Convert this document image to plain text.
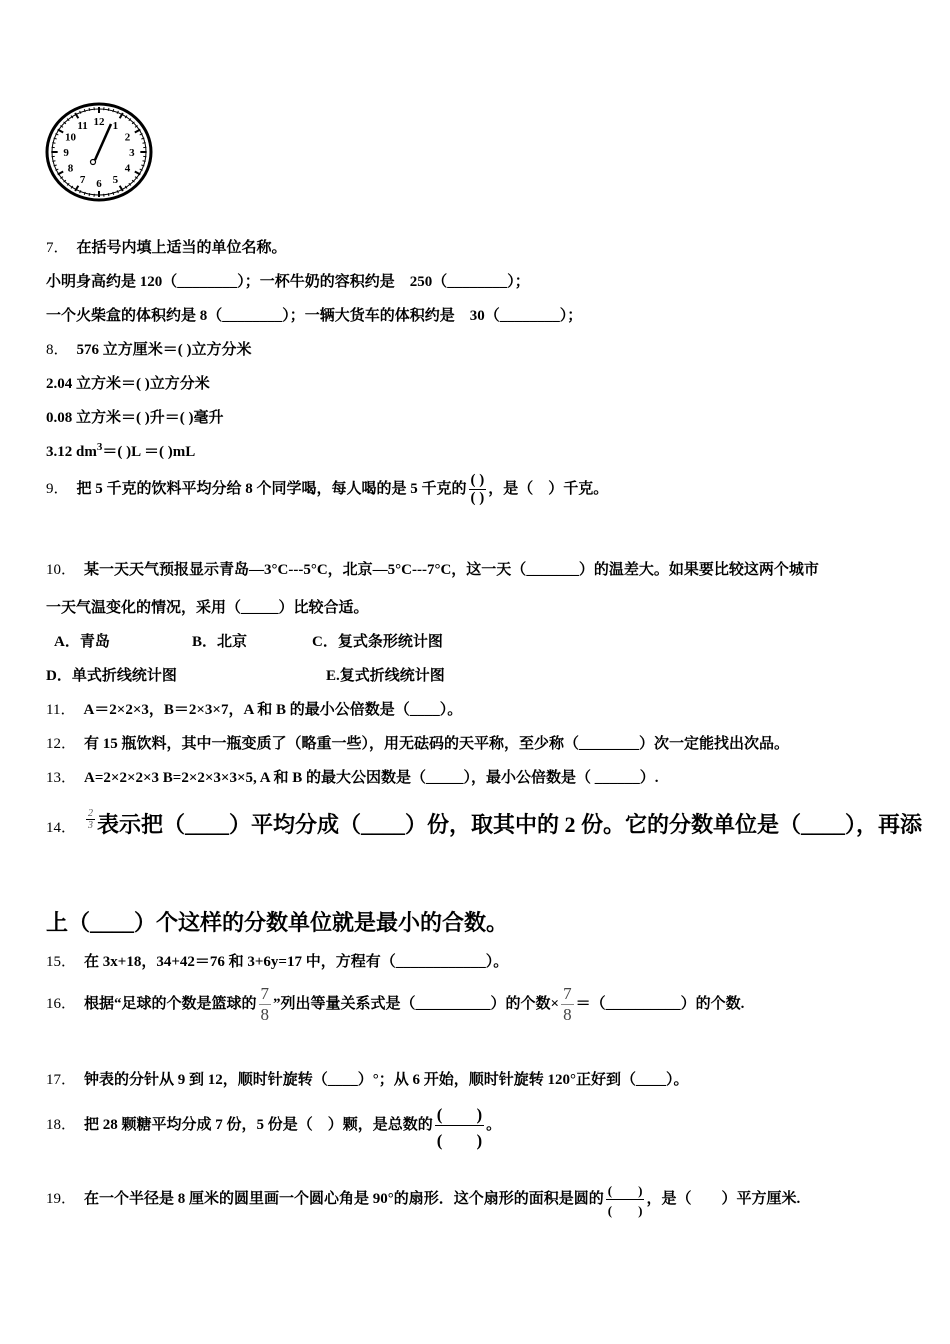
12 1
2
3
4
5
6
7
8
9
10
11
7． 在括号内填上适当的单位名称。
小明身高约是 120（________）；一杯牛奶的容积约是　250（________）；
一个火柴盒的体积约是 8（________）；一辆大货车的体积约是　30（________）；
8． 576 立方厘米＝( )立方分米
2.04 立方米＝( )立方分米
0.08 立方米＝( )升＝( )毫升
3.12 $dm^3=$( )L ＝( )mL
9． 把 5 千克的饮料平均分给 8 个同学喝，每人喝的是 5 千克的 $\frac{( )}{( )}$ ，是（　）千克。
10． 某一天天气预报显示青岛—3°C---5°C，北京—5°C---7°C，这一天（_______）的温差大。如果要比较这两个城市
一天气温变化的情况，采用（_____）比较合适。
A．青岛	B．北京	C．复式条形统计图
D．单式折线统计图	E.复式折线统计图
11． A＝2×2×3，B＝2×3×7，A 和 B 的最小公倍数是（____）。
12． 有 15 瓶饮料，其中一瓶变质了（略重一些），用无砝码的天平称，至少称（________）次一定能找出次品。
13． A=2×2×2×3 B=2×2×3×3×5, A 和 B 的最大公因数是（_____），最小公倍数是（ ______）.
14． $\frac{2}{3}$ 表示把（____）平均分成（____）份，取其中的 2 份。它的分数单位是（____），再添
上（____）个这样的分数单位就是最小的合数。
15． 在 3x+18，34+42＝76 和 3+6y=17 中，方程有（____________）。
16． 根据“足球的个数是篮球的 $\frac{7}{8}$ ”列出等量关系式是（__________）的个数× $\frac{7}{8}$ ＝（__________）的个数.
17． 钟表的分针从 9 到 12，顺时针旋转（____）°；从 6 开始，顺时针旋转 120°正好到（____）。
18． 把 28 颗糖平均分成 7 份，5 份是（　）颗，是总数的 $\frac{( )}{( )}$ 。
19． 在一个半径是 8 厘米的圆里画一个圆心角是 90°的扇形．这个扇形的面积是圆的 $\frac{( )}{( )}$ ，是（　　）平方厘米.
